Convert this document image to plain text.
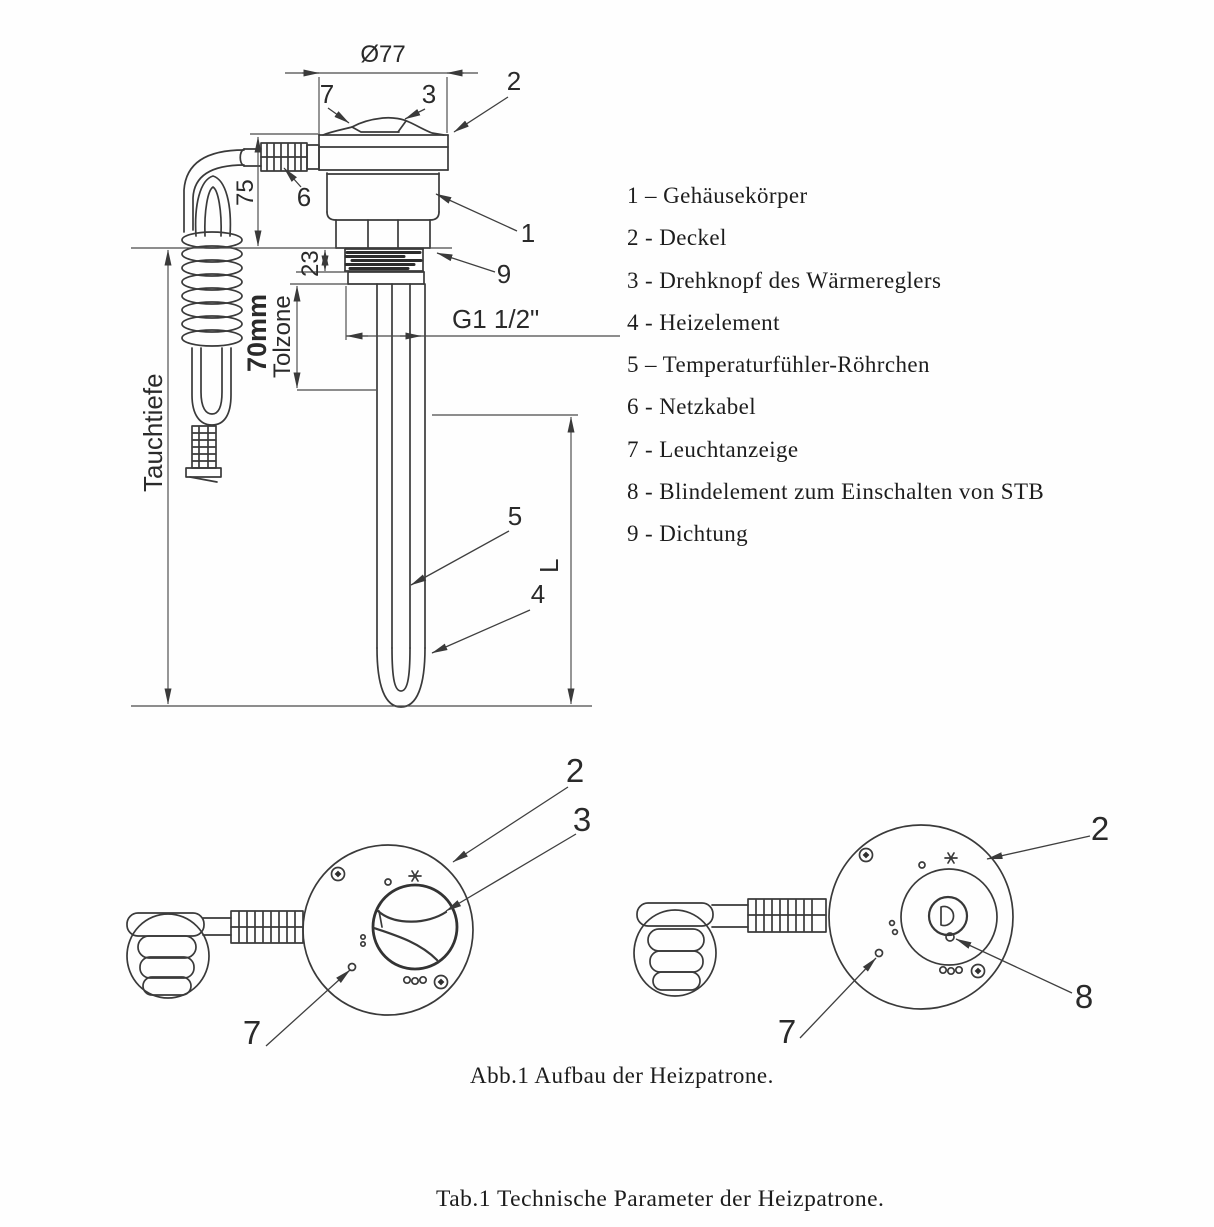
Ø77
75
23
70mm
Tolzone
Tauchtiefe
G1 1/2"
L
7	3	2
6
1
9
5
4
2
3
7
2
8
7
1 – Gehäusekörper
2 - Deckel
3 - Drehknopf des Wärmereglers
4 - Heizelement
5 – Temperaturfühler-Röhrchen
6 - Netzkabel
7 - Leuchtanzeige
8 - Blindelement zum Einschalten von STB
9 - Dichtung
Abb.1 Aufbau der Heizpatrone.
Tab.1 Technische Parameter der Heizpatrone.
